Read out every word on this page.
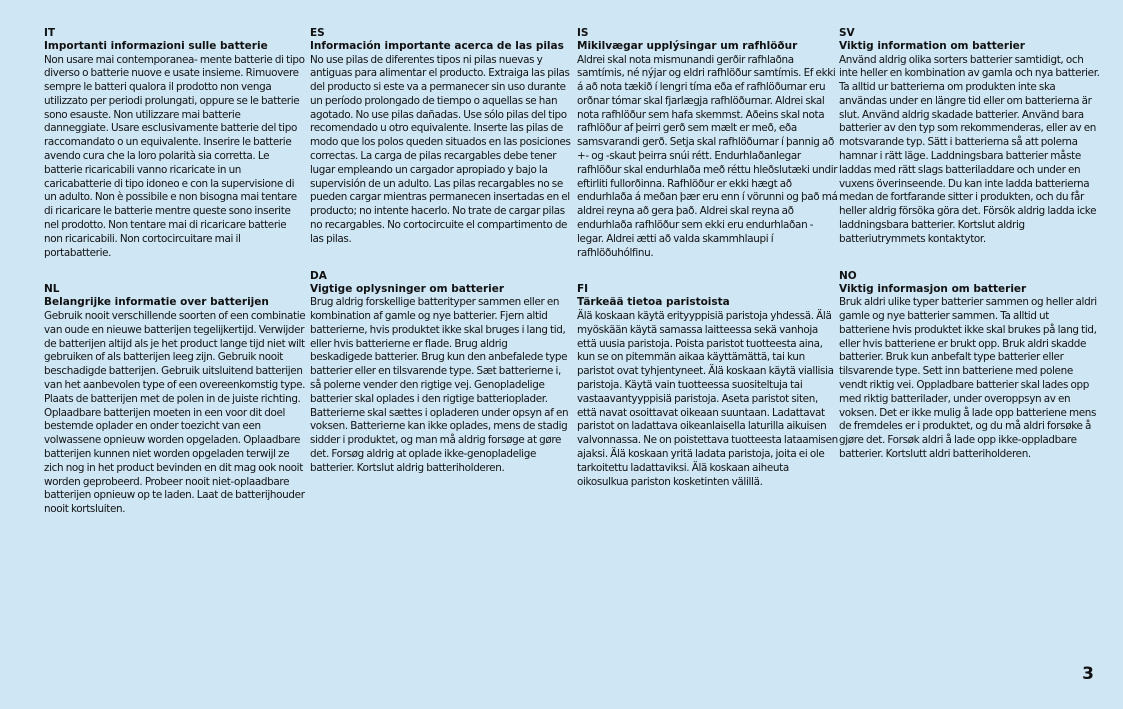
IT
Importanti informazioni sulle batterie
Non usare mai contemporanea- mente batterie di tipo diverso o batterie nuove e usate insieme. Rimuovere sempre le batteri qualora il prodotto non venga utilizzato per periodi prolungati, oppure se le batterie sono esauste. Non utilizzare mai batterie danneggiate. Usare esclusivamente batterie del tipo raccomandato o un equivalente. Inserire le batterie avendo cura che la loro polarità sia corretta. Le batterie ricaricabili vanno ricaricate in un caricabatterie di tipo idoneo e con la supervisione di un adulto. Non è possibile e non bisogna mai tentare di ricaricare le batterie mentre queste sono inserite nel prodotto. Non tentare mai di ricaricare batterie non ricaricabili. Non cortocircuitare mai il portabatterie.
NL
Belangrijke informatie over batterijen
Gebruik nooit verschillende soorten of een combinatie van oude en nieuwe batterijen tegelijkertijd. Verwijder de batterijen altijd als je het product lange tijd niet wilt gebruiken of als batterijen leeg zijn. Gebruik nooit beschadigde batterijen. Gebruik uitsluitend batterijen van het aanbevolen type of een overeenkomstig type. Plaats de batterijen met de polen in de juiste richting. Oplaadbare batterijen moeten in een voor dit doel bestemde oplader en onder toezicht van een volwassene opnieuw worden opgeladen. Oplaadbare batterijen kunnen niet worden opgeladen terwijl ze zich nog in het product bevinden en dit mag ook nooit worden geprobeerd. Probeer nooit niet-oplaadbare batterijen opnieuw op te laden. Laat de batterijhouder nooit kortsluiten.
ES
Información importante acerca de las pilas
No use pilas de diferentes tipos ni pilas nuevas y antiguas para alimentar el producto. Extraiga las pilas del producto si este va a permanecer sin uso durante un período prolongado de tiempo o aquellas se han agotado. No use pilas dañadas. Use sólo pilas del tipo recomendado u otro equivalente. Inserte las pilas de modo que los polos queden situados en las posiciones correctas. La carga de pilas recargables debe tener lugar empleando un cargador apropiado y bajo la supervisión de un adulto. Las pilas recargables no se pueden cargar mientras permanecen insertadas en el producto; no intente hacerlo. No trate de cargar pilas no recargables. No cortocircuite el compartimento de las pilas.
DA
Vigtige oplysninger om batterier
Brug aldrig forskellige batterityper sammen eller en kombination af gamle og nye batterier. Fjern altid batterierne, hvis produktet ikke skal bruges i lang tid, eller hvis batterierne er flade. Brug aldrig beskadigede batterier. Brug kun den anbefalede type batterier eller en tilsvarende type. Sæt batterierne i, så polerne vender den rigtige vej. Genopladelige batterier skal oplades i den rigtige batterioplader. Batterierne skal sættes i opladeren under opsyn af en voksen. Batterierne kan ikke oplades, mens de stadig sidder i produktet, og man må aldrig forsøge at gøre det. Forsøg aldrig at oplade ikke-genopladelige batterier. Kortslut aldrig batteriholderen.
IS
Mikilvægar upplýsingar um rafhlöður
Aldrei skal nota mismunandi gerðir rafhlaðna samtímis, né nýjar og eldri rafhlöður samtímis. Ef ekki á að nota tækið í lengri tíma eða ef rafhlöðurnar eru orðnar tómar skal fjarlægja rafhlöðurnar. Aldrei skal nota rafhlöður sem hafa skemmst. Aðeins skal nota rafhlöður af þeirri gerð sem mælt er með, eða samsvarandi gerð. Setja skal rafhlöðurnar í þannig að +- og -skaut þeirra snúi rétt. Endurhlaðanlegar rafhlöður skal endurhlaða með réttu hleðslutæki undir eftirliti fullorðinna. Rafhlöður er ekki hægt að endurhlaða á meðan þær eru enn í vörunni og það má aldrei reyna að gera það. Aldrei skal reyna að endurhlaða rafhlöður sem ekki eru endurhlaðan -legar. Aldrei ætti að valda skammhlaupi í rafhlöðuhólfinu.
FI
Tärkeää tietoa paristoista
Älä koskaan käytä erityyppisiä paristoja yhdessä. Älä myöskään käytä samassa laitteessa sekä vanhoja että uusia paristoja. Poista paristot tuotteesta aina, kun se on pitemmän aikaa käyttämättä, tai kun paristot ovat tyhjentyneet. Älä koskaan käytä viallisia paristoja. Käytä vain tuotteessa suositeltuja tai vastaavantyyppisiä paristoja. Aseta paristot siten, että navat osoittavat oikeaan suuntaan. Ladattavat paristot on ladattava oikeanlaisella laturilla aikuisen valvonnassa. Ne on poistettava tuotteesta lataamisen ajaksi. Älä koskaan yritä ladata paristoja, joita ei ole tarkoitettu ladattaviksi. Älä koskaan aiheuta oikosulkua pariston kosketinten välillä.
SV
Viktig information om batterier
Använd aldrig olika sorters batterier samtidigt, och inte heller en kombination av gamla och nya batterier. Ta alltid ur batterierna om produkten inte ska användas under en längre tid eller om batterierna är slut. Använd aldrig skadade batterier. Använd bara batterier av den typ som rekommenderas, eller av en motsvarande typ. Sätt i batterierna så att polerna hamnar i rätt läge. Laddningsbara batterier måste laddas med rätt slags batteriladdare och under en vuxens överinseende. Du kan inte ladda batterierna medan de fortfarande sitter i produkten, och du får heller aldrig försöka göra det. Försök aldrig ladda icke laddningsbara batterier. Kortslut aldrig batteriutrymmets kontaktytor.
NO
Viktig informasjon om batterier
Bruk aldri ulike typer batterier sammen og heller aldri gamle og nye batterier sammen. Ta alltid ut batteriene hvis produktet ikke skal brukes på lang tid, eller hvis batteriene er brukt opp. Bruk aldri skadde batterier. Bruk kun anbefalt type batterier eller tilsvarende type. Sett inn batteriene med polene vendt riktig vei. Oppladbare batterier skal lades opp med riktig batterilader, under overoppsyn av en voksen. Det er ikke mulig å lade opp batteriene mens de fremdeles er i produktet, og du må aldri forsøke å gjøre det. Forsøk aldri å lade opp ikke-oppladbare batterier. Kortslutt aldri batteriholderen.
3
